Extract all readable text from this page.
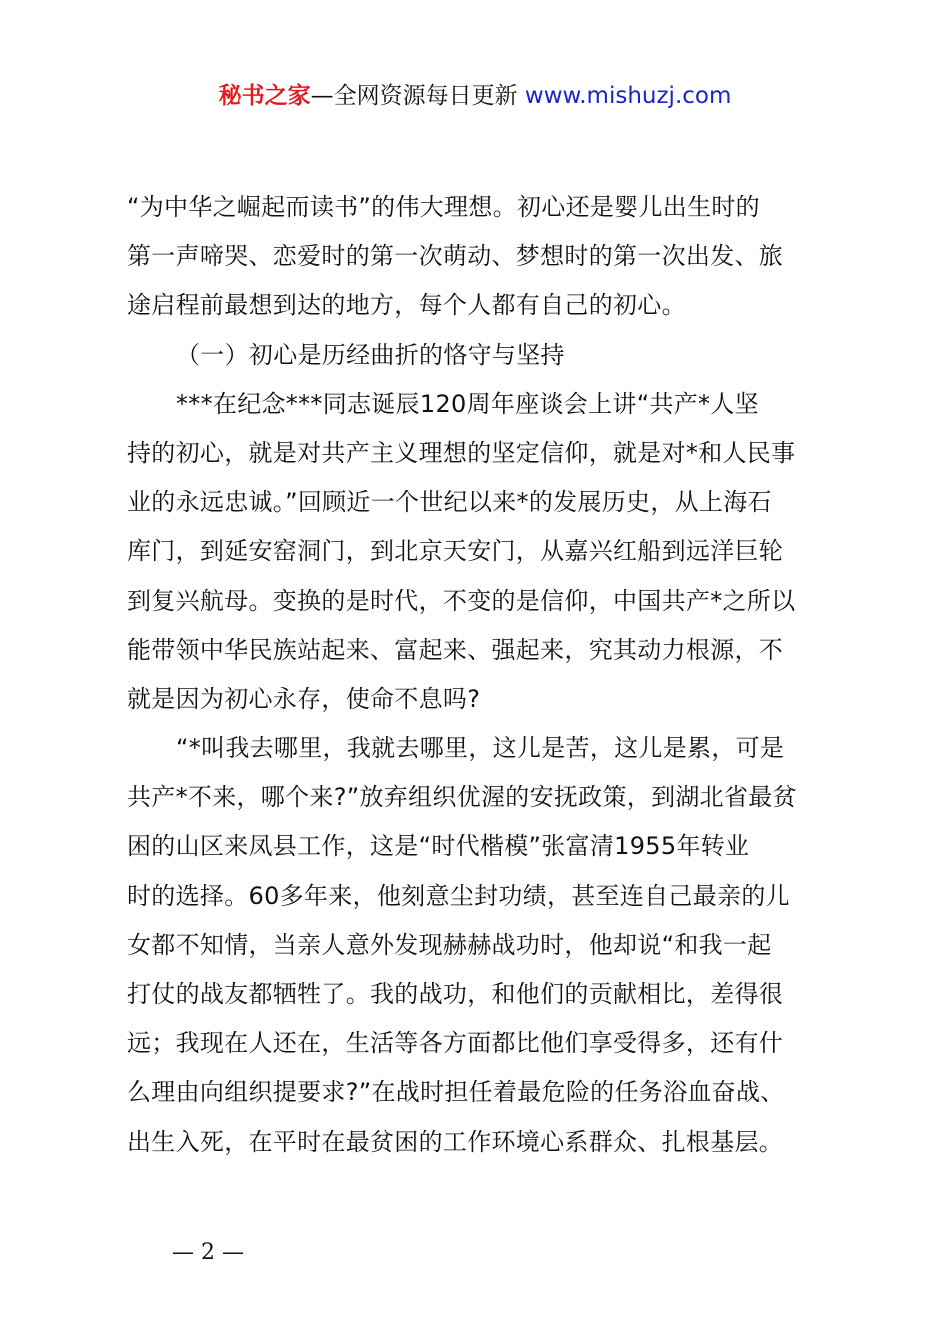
秘书之家—全网资源每日更新 www.mishuzj.com
“为中华之崛起而读书”的伟大理想。初心还是婴儿出生时的
第一声啼哭、恋爱时的第一次萌动、梦想时的第一次出发、旅
途启程前最想到达的地方，每个人都有自己的初心。
（一）初心是历经曲折的恪守与坚持
***在纪念***同志诞辰120周年座谈会上讲“共产*人坚
持的初心，就是对共产主义理想的坚定信仰，就是对*和人民事
业的永远忠诚。”回顾近一个世纪以来*的发展历史，从上海石
库门，到延安窑洞门，到北京天安门，从嘉兴红船到远洋巨轮
到复兴航母。变换的是时代，不变的是信仰，中国共产*之所以
能带领中华民族站起来、富起来、强起来，究其动力根源，不
就是因为初心永存，使命不息吗?
“*叫我去哪里，我就去哪里，这儿是苦，这儿是累，可是
共产*不来，哪个来?”放弃组织优渥的安抚政策，到湖北省最贫
困的山区来凤县工作，这是“时代楷模”张富清1955年转业
时的选择。60多年来，他刻意尘封功绩，甚至连自己最亲的儿
女都不知情，当亲人意外发现赫赫战功时，他却说“和我一起
打仗的战友都牺牲了。我的战功，和他们的贡献相比，差得很
远；我现在人还在，生活等各方面都比他们享受得多，还有什
么理由向组织提要求?”在战时担任着最危险的任务浴血奋战、
出生入死，在平时在最贫困的工作环境心系群众、扎根基层。
— 2 —
